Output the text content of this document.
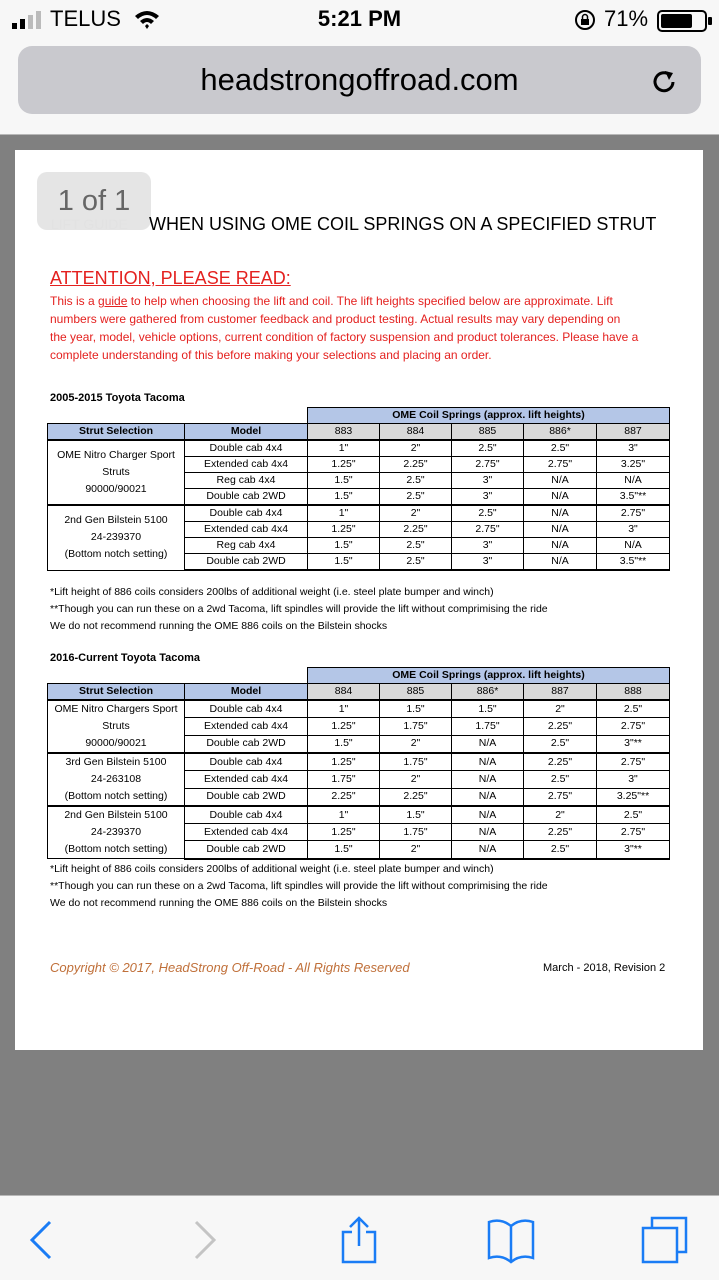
TELUS	5:21 PM	71%
headstrongoffroad.com
1 of 1
WHEN USING OME COIL SPRINGS ON A SPECIFIED STRUT
ATTENTION, PLEASE READ:
This is a guide to help when choosing the lift and coil. The lift heights specified below are approximate. Lift
numbers were gathered from customer feedback and product testing. Actual results may vary depending on
the year, model, vehicle options, current condition of factory suspension and product tolerances. Please have a
complete understanding of this before making your selections and placing an order.
2005-2015 Toyota Tacoma
		OME Coil Springs (approx. lift heights)				
Strut Selection	Model	883	884	885	886*	887

OME Nitro Charger Sport
Struts
90000/90021	Double cab 4x4	1"	2"	2.5"	2.5"	3"
	Extended cab 4x4	1.25"	2.25"	2.75"	2.75"	3.25"
	Reg cab 4x4	1.5"	2.5"	3"	N/A	N/A
	Double cab 2WD	1.5"	2.5"	3"	N/A	3.5"**

2nd Gen Bilstein 5100
24-239370
(Bottom notch setting)	Double cab 4x4	1"	2"	2.5"	N/A	2.75"
	Extended cab 4x4	1.25"	2.25"	2.75"	N/A	3"
	Reg cab 4x4	1.5"	2.5"	3"	N/A	N/A
	Double cab 2WD	1.5"	2.5"	3"	N/A	3.5"**
*Lift height of 886 coils considers 200lbs of additional weight (i.e. steel plate bumper and winch)
**Though you can run these on a 2wd Tacoma, lift spindles will provide the lift without comprimising the ride
We do not recommend running the OME 886 coils on the Bilstein shocks
2016-Current Toyota Tacoma
		OME Coil Springs (approx. lift heights)				
Strut Selection	Model	884	885	886*	887	888

OME Nitro Chargers Sport
Struts
90000/90021	Double cab 4x4	1"	1.5"	1.5"	2"	2.5"
	Extended cab 4x4	1.25"	1.75"	1.75"	2.25"	2.75"
	Double cab 2WD	1.5"	2"	N/A	2.5"	3"**

3rd Gen Bilstein 5100
24-263108
(Bottom notch setting)	Double cab 4x4	1.25"	1.75"	N/A	2.25"	2.75"
	Extended cab 4x4	1.75"	2"	N/A	2.5"	3"
	Double cab 2WD	2.25"	2.25"	N/A	2.75"	3.25"**

2nd Gen Bilstein 5100
24-239370
(Bottom notch setting)	Double cab 4x4	1"	1.5"	N/A	2"	2.5"
	Extended cab 4x4	1.25"	1.75"	N/A	2.25"	2.75"
	Double cab 2WD	1.5"	2"	N/A	2.5"	3"**
*Lift height of 886 coils considers 200lbs of additional weight (i.e. steel plate bumper and winch)
**Though you can run these on a 2wd Tacoma, lift spindles will provide the lift without comprimising the ride
We do not recommend running the OME 886 coils on the Bilstein shocks
Copyright © 2017, HeadStrong Off-Road - All Rights Reserved	March - 2018, Revision 2
